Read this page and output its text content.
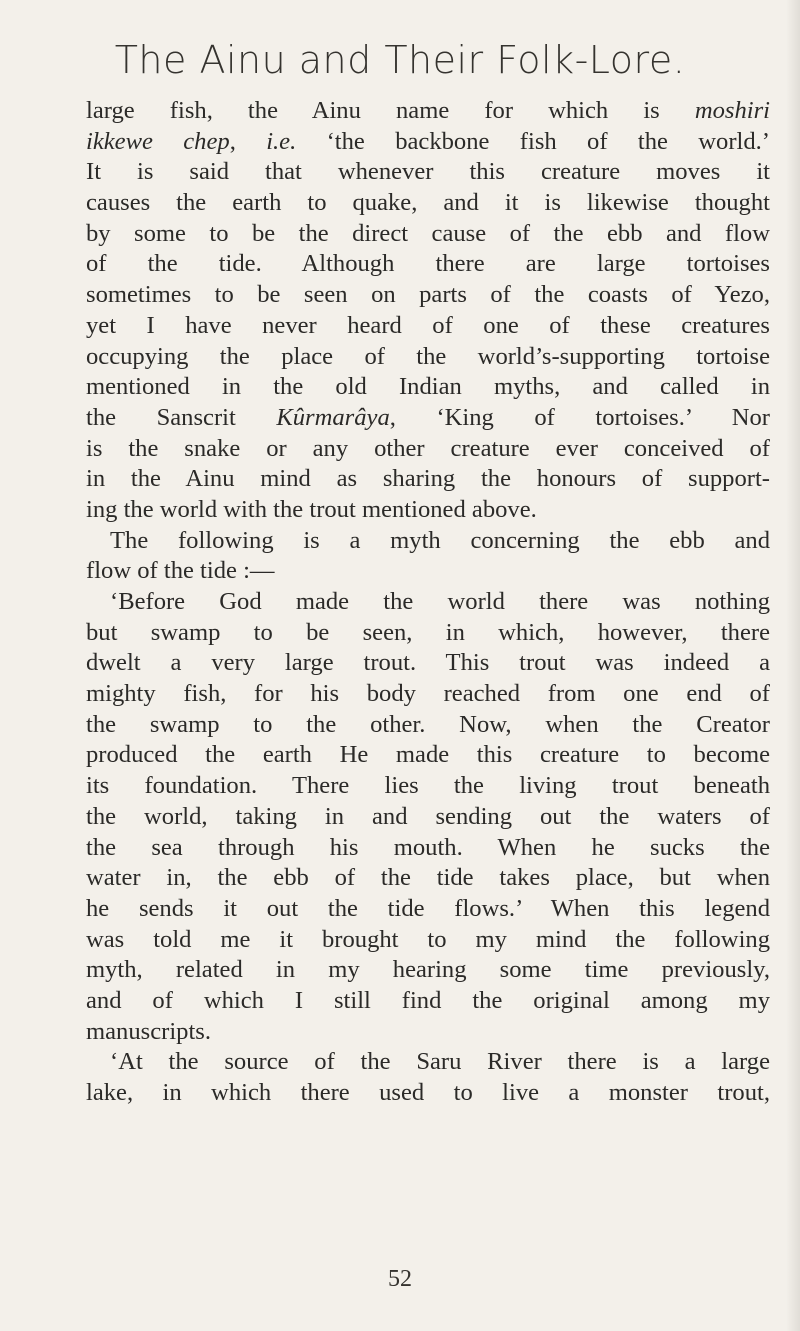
The Ainu and Their Folk-Lore.
large fish, the Ainu name for which is moshiri
ikkewe chep, i.e. ‘the backbone fish of the world.’
It is said that whenever this creature moves it
causes the earth to quake, and it is likewise thought
by some to be the direct cause of the ebb and flow
of the tide. Although there are large tortoises
sometimes to be seen on parts of the coasts of Yezo,
yet I have never heard of one of these creatures
occupying the place of the world’s-supporting tortoise
mentioned in the old Indian myths, and called in
the Sanscrit Kûrmarâya, ‘King of tortoises.’ Nor
is the snake or any other creature ever conceived of
in the Ainu mind as sharing the honours of support-
ing the world with the trout mentioned above.
The following is a myth concerning the ebb and
flow of the tide :—
‘Before God made the world there was nothing
but swamp to be seen, in which, however, there
dwelt a very large trout. This trout was indeed a
mighty fish, for his body reached from one end of
the swamp to the other. Now, when the Creator
produced the earth He made this creature to become
its foundation. There lies the living trout beneath
the world, taking in and sending out the waters of
the sea through his mouth. When he sucks the
water in, the ebb of the tide takes place, but when
he sends it out the tide flows.’ When this legend
was told me it brought to my mind the following
myth, related in my hearing some time previously,
and of which I still find the original among my
manuscripts.
‘At the source of the Saru River there is a large
lake, in which there used to live a monster trout,
52
